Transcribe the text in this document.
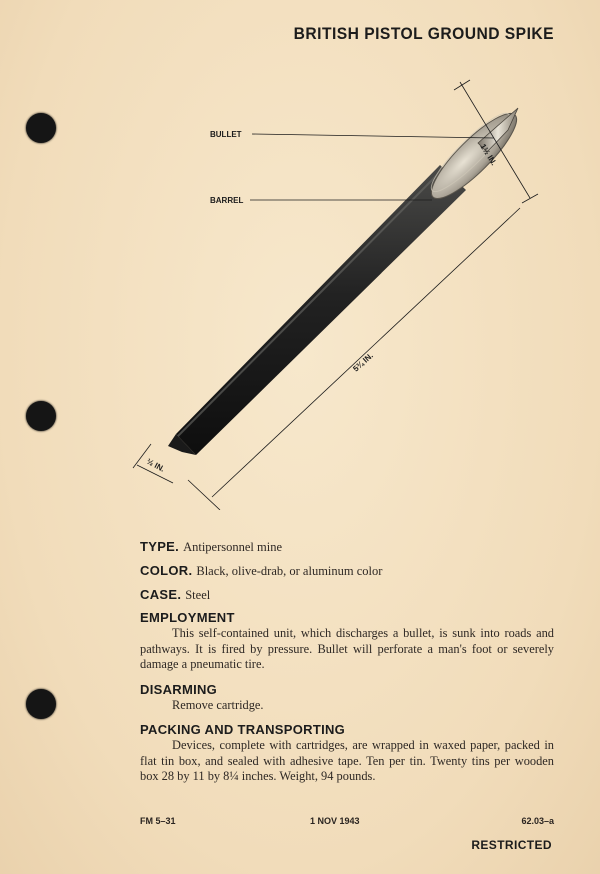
BRITISH PISTOL GROUND SPIKE
BULLET
BARREL
1½ IN.
5¾ IN.
½ IN.
TYPE. Antipersonnel mine
COLOR. Black, olive-drab, or aluminum color
CASE. Steel
EMPLOYMENT

This self-contained unit, which discharges a bullet, is sunk into roads and pathways. It is fired by pressure. Bullet will perforate a man's foot or severely damage a pneumatic tire.

DISARMING

Remove cartridge.

PACKING AND TRANSPORTING

Devices, complete with cartridges, are wrapped in waxed paper, packed in flat tin box, and sealed with adhesive tape. Ten per tin. Twenty tins per wooden box 28 by 11 by 8¼ inches. Weight, 94 pounds.

FM 5–31	1 NOV 1943	62.03–a
RESTRICTED
